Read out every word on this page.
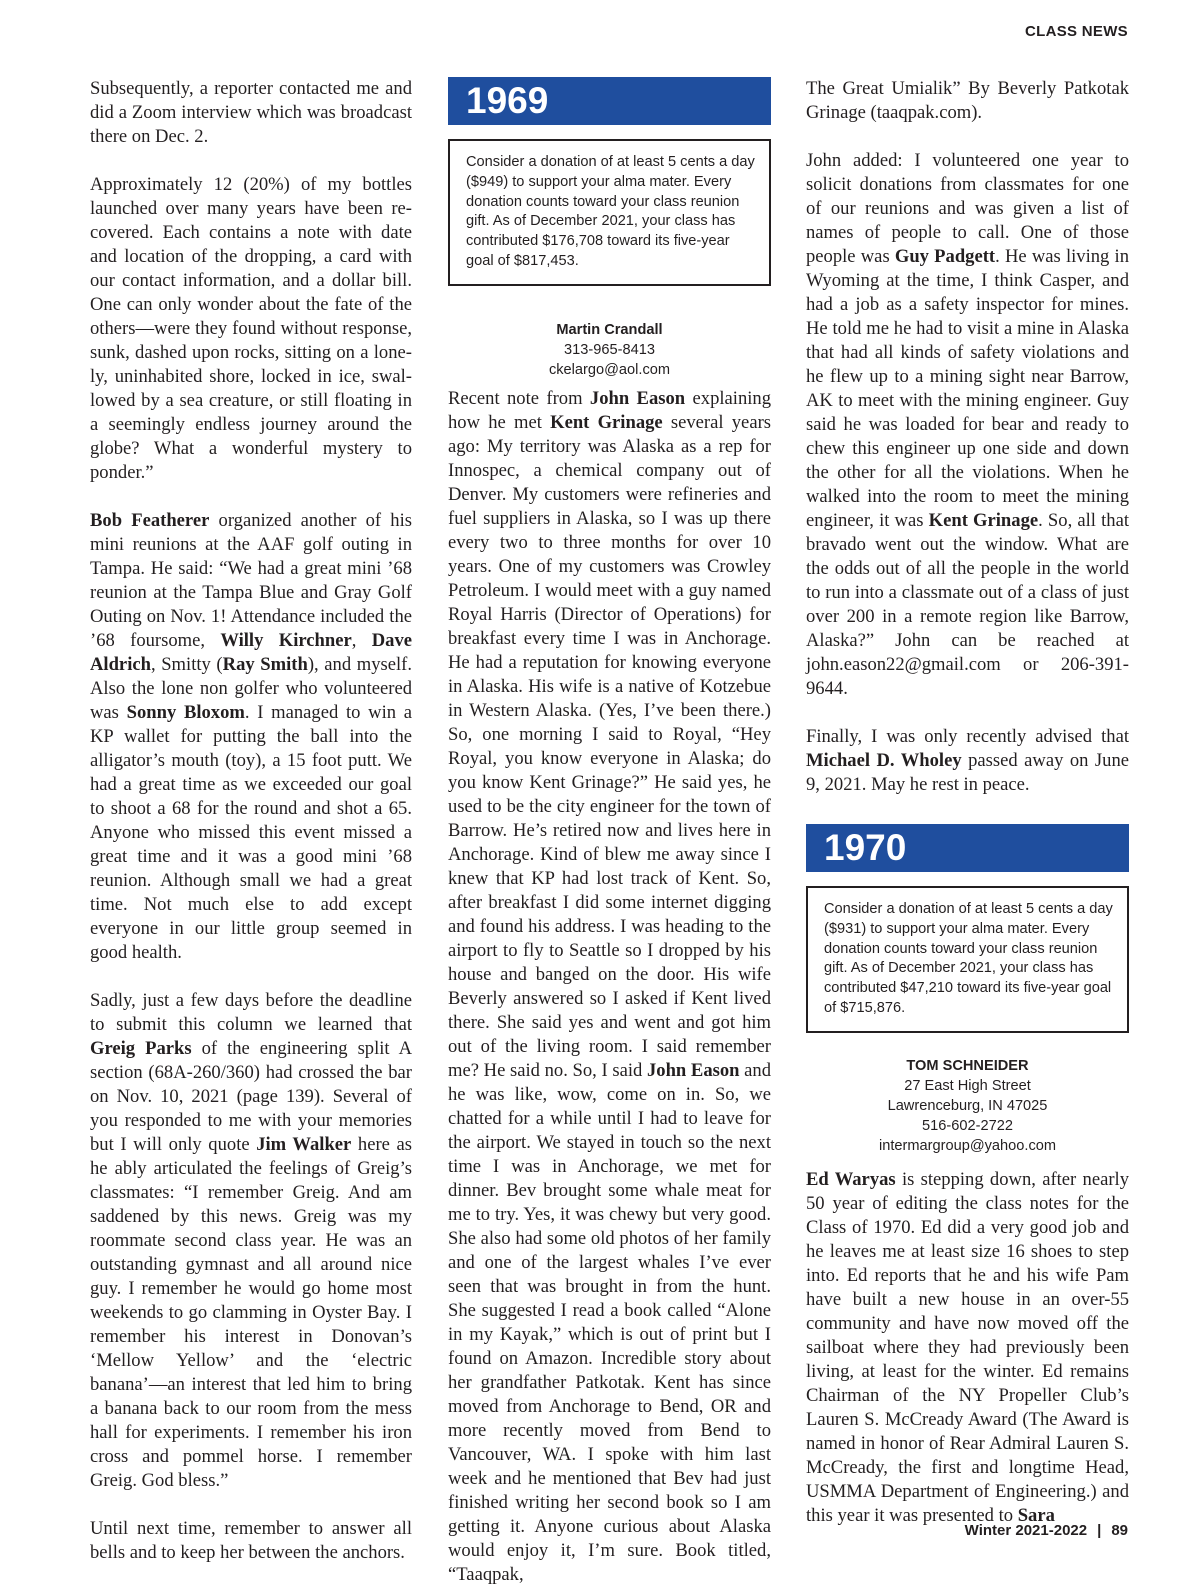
CLASS NEWS

Subsequently, a reporter contacted me and did a Zoom interview which was broadcast there on Dec. 2.

Approximately 12 (20%) of my bottles launched over many years have been recovered. Each contains a note with date and location of the dropping, a card with our contact information, and a dollar bill. One can only wonder about the fate of the others—were they found without response, sunk, dashed upon rocks, sitting on a lonely, uninhabited shore, locked in ice, swallowed by a sea creature, or still floating in a seemingly endless journey around the globe? What a wonderful mystery to ponder.”

Bob Featherer organized another of his mini reunions at the AAF golf outing in Tampa. He said: “We had a great mini ’68 reunion at the Tampa Blue and Gray Golf Outing on Nov. 1! Attendance included the ’68 foursome, Willy Kirchner, Dave Aldrich, Smitty (Ray Smith), and myself. Also the lone non golfer who volunteered was Sonny Bloxom. I managed to win a KP wallet for putting the ball into the alligator’s mouth (toy), a 15 foot putt. We had a great time as we exceeded our goal to shoot a 68 for the round and shot a 65. Anyone who missed this event missed a great time and it was a good mini ’68 reunion. Although small we had a great time. Not much else to add except everyone in our little group seemed in good health.

Sadly, just a few days before the deadline to submit this column we learned that Greig Parks of the engineering split A section (68A-260/360) had crossed the bar on Nov. 10, 2021 (page 139). Several of you responded to me with your memories but I will only quote Jim Walker here as he ably articulated the feelings of Greig’s classmates: “I remember Greig. And am saddened by this news. Greig was my roommate second class year. He was an outstanding gymnast and all around nice guy. I remember he would go home most weekends to go clamming in Oyster Bay. I remember his interest in Donovan’s ‘Mellow Yellow’ and the ‘electric banana’—an interest that led him to bring a banana back to our room from the mess hall for experiments. I remember his iron cross and pommel horse. I remember Greig. God bless.”

Until next time, remember to answer all bells and to keep her between the anchors.

1969
Consider a donation of at least 5 cents a day ($949) to support your alma mater. Every donation counts toward your class reunion gift. As of December 2021, your class has contributed $176,708 toward its five-year goal of $817,453.
Martin Crandall
313-965-8413
ckelargo@aol.com

Recent note from John Eason explaining how he met Kent Grinage several years ago: My territory was Alaska as a rep for Innospec, a chemical company out of Denver. My customers were refineries and fuel suppliers in Alaska, so I was up there every two to three months for over 10 years. One of my customers was Crowley Petroleum. I would meet with a guy named Royal Harris (Director of Operations) for breakfast every time I was in Anchorage. He had a reputation for knowing everyone in Alaska. His wife is a native of Kotzebue in Western Alaska. (Yes, I’ve been there.) So, one morning I said to Royal, “Hey Royal, you know everyone in Alaska; do you know Kent Grinage?” He said yes, he used to be the city engineer for the town of Barrow. He’s retired now and lives here in Anchorage. Kind of blew me away since I knew that KP had lost track of Kent. So, after breakfast I did some internet digging and found his address. I was heading to the airport to fly to Seattle so I dropped by his house and banged on the door. His wife Beverly answered so I asked if Kent lived there. She said yes and went and got him out of the living room. I said remember me? He said no. So, I said John Eason and he was like, wow, come on in. So, we chatted for a while until I had to leave for the airport. We stayed in touch so the next time I was in Anchorage, we met for dinner. Bev brought some whale meat for me to try. Yes, it was chewy but very good. She also had some old photos of her family and one of the largest whales I’ve ever seen that was brought in from the hunt. She suggested I read a book called “Alone in my Kayak,” which is out of print but I found on Amazon. Incredible story about her grandfather Patkotak. Kent has since moved from Anchorage to Bend, OR and more recently moved from Bend to Vancouver, WA. I spoke with him last week and he mentioned that Bev had just finished writing her second book so I am getting it. Anyone curious about Alaska would enjoy it, I’m sure. Book titled, “Taaqpak,

The Great Umialik” By Beverly Patkotak Grinage (taaqpak.com).

John added: I volunteered one year to solicit donations from classmates for one of our reunions and was given a list of names of people to call. One of those people was Guy Padgett. He was living in Wyoming at the time, I think Casper, and had a job as a safety inspector for mines. He told me he had to visit a mine in Alaska that had all kinds of safety violations and he flew up to a mining sight near Barrow, AK to meet with the mining engineer. Guy said he was loaded for bear and ready to chew this engineer up one side and down the other for all the violations. When he walked into the room to meet the mining engineer, it was Kent Grinage. So, all that bravado went out the window. What are the odds out of all the people in the world to run into a classmate out of a class of just over 200 in a remote region like Barrow, Alaska?” John can be reached at john.eason22@gmail.com or 206-391-9644.

Finally, I was only recently advised that Michael D. Wholey passed away on June 9, 2021. May he rest in peace.

1970
Consider a donation of at least 5 cents a day ($931) to support your alma mater. Every donation counts toward your class reunion gift. As of December 2021, your class has contributed $47,210 toward its five-year goal of $715,876.
TOM SCHNEIDER
27 East High Street
Lawrenceburg, IN 47025
516-602-2722
intermargroup@yahoo.com

Ed Waryas is stepping down, after nearly 50 year of editing the class notes for the Class of 1970. Ed did a very good job and he leaves me at least size 16 shoes to step into. Ed reports that he and his wife Pam have built a new house in an over-55 community and have now moved off the sailboat where they had previously been living, at least for the winter. Ed remains Chairman of the NY Propeller Club’s Lauren S. McCready Award (The Award is named in honor of Rear Admiral Lauren S. McCready, the first and longtime Head, USMMA Department of Engineering.) and this year it was presented to Sara

Winter 2021-2022 | 89
